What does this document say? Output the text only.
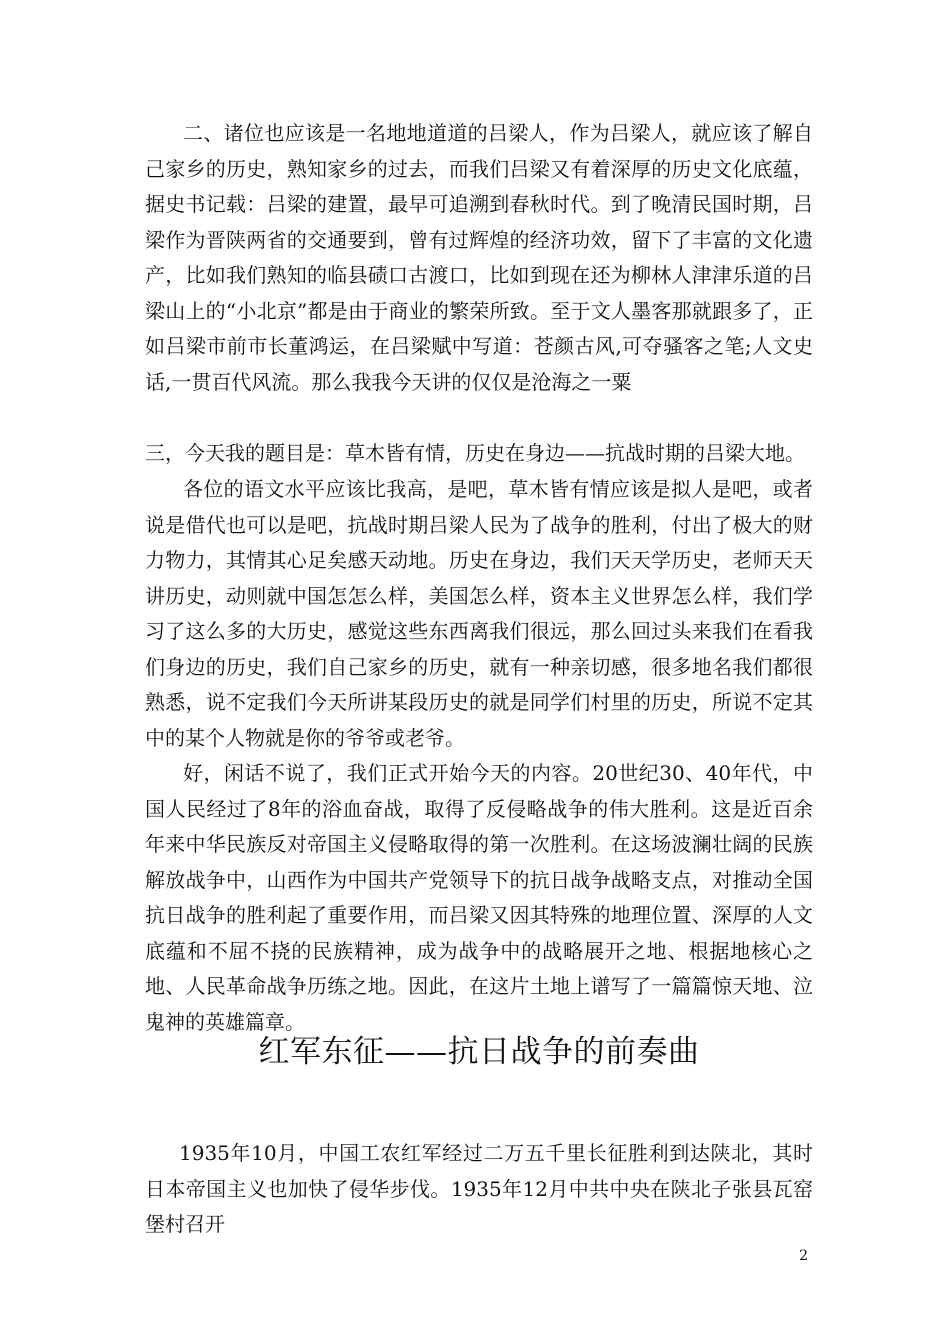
二、诸位也应该是一名地地道道的吕梁人，作为吕梁人，就应该了解自己家乡的历史，熟知家乡的过去，而我们吕梁又有着深厚的历史文化底蕴，据史书记载：吕梁的建置，最早可追溯到春秋时代。到了晚清民国时期，吕梁作为晋陕两省的交通要到，曾有过辉煌的经济功效，留下了丰富的文化遗产，比如我们熟知的临县碛口古渡口，比如到现在还为柳林人津津乐道的吕梁山上的“小北京”都是由于商业的繁荣所致。至于文人墨客那就跟多了，正如吕梁市前市长董鸿运，在吕梁赋中写道：苍颜古风,可夺骚客之笔;人文史话,一贯百代风流。那么我我今天讲的仅仅是沧海之一粟

三，今天我的题目是：草木皆有情，历史在身边——抗战时期的吕梁大地。

各位的语文水平应该比我高，是吧，草木皆有情应该是拟人是吧，或者说是借代也可以是吧，抗战时期吕梁人民为了战争的胜利，付出了极大的财力物力，其情其心足矣感天动地。历史在身边，我们天天学历史，老师天天讲历史，动则就中国怎怎么样，美国怎么样，资本主义世界怎么样，我们学习了这么多的大历史，感觉这些东西离我们很远，那么回过头来我们在看我们身边的历史，我们自己家乡的历史，就有一种亲切感，很多地名我们都很熟悉，说不定我们今天所讲某段历史的就是同学们村里的历史，所说不定其中的某个人物就是你的爷爷或老爷。

好，闲话不说了，我们正式开始今天的内容。20世纪30、40年代，中国人民经过了8年的浴血奋战，取得了反侵略战争的伟大胜利。这是近百余年来中华民族反对帝国主义侵略取得的第一次胜利。在这场波澜壮阔的民族解放战争中，山西作为中国共产党领导下的抗日战争战略支点，对推动全国抗日战争的胜利起了重要作用，而吕梁又因其特殊的地理位置、深厚的人文底蕴和不屈不挠的民族精神，成为战争中的战略展开之地、根据地核心之地、人民革命战争历练之地。因此，在这片土地上谱写了一篇篇惊天地、泣鬼神的英雄篇章。

红军东征——抗日战争的前奏曲

1935年10月，中国工农红军经过二万五千里长征胜利到达陕北，其时日本帝国主义也加快了侵华步伐。1935年12月中共中央在陕北子张县瓦窑堡村召开

2
